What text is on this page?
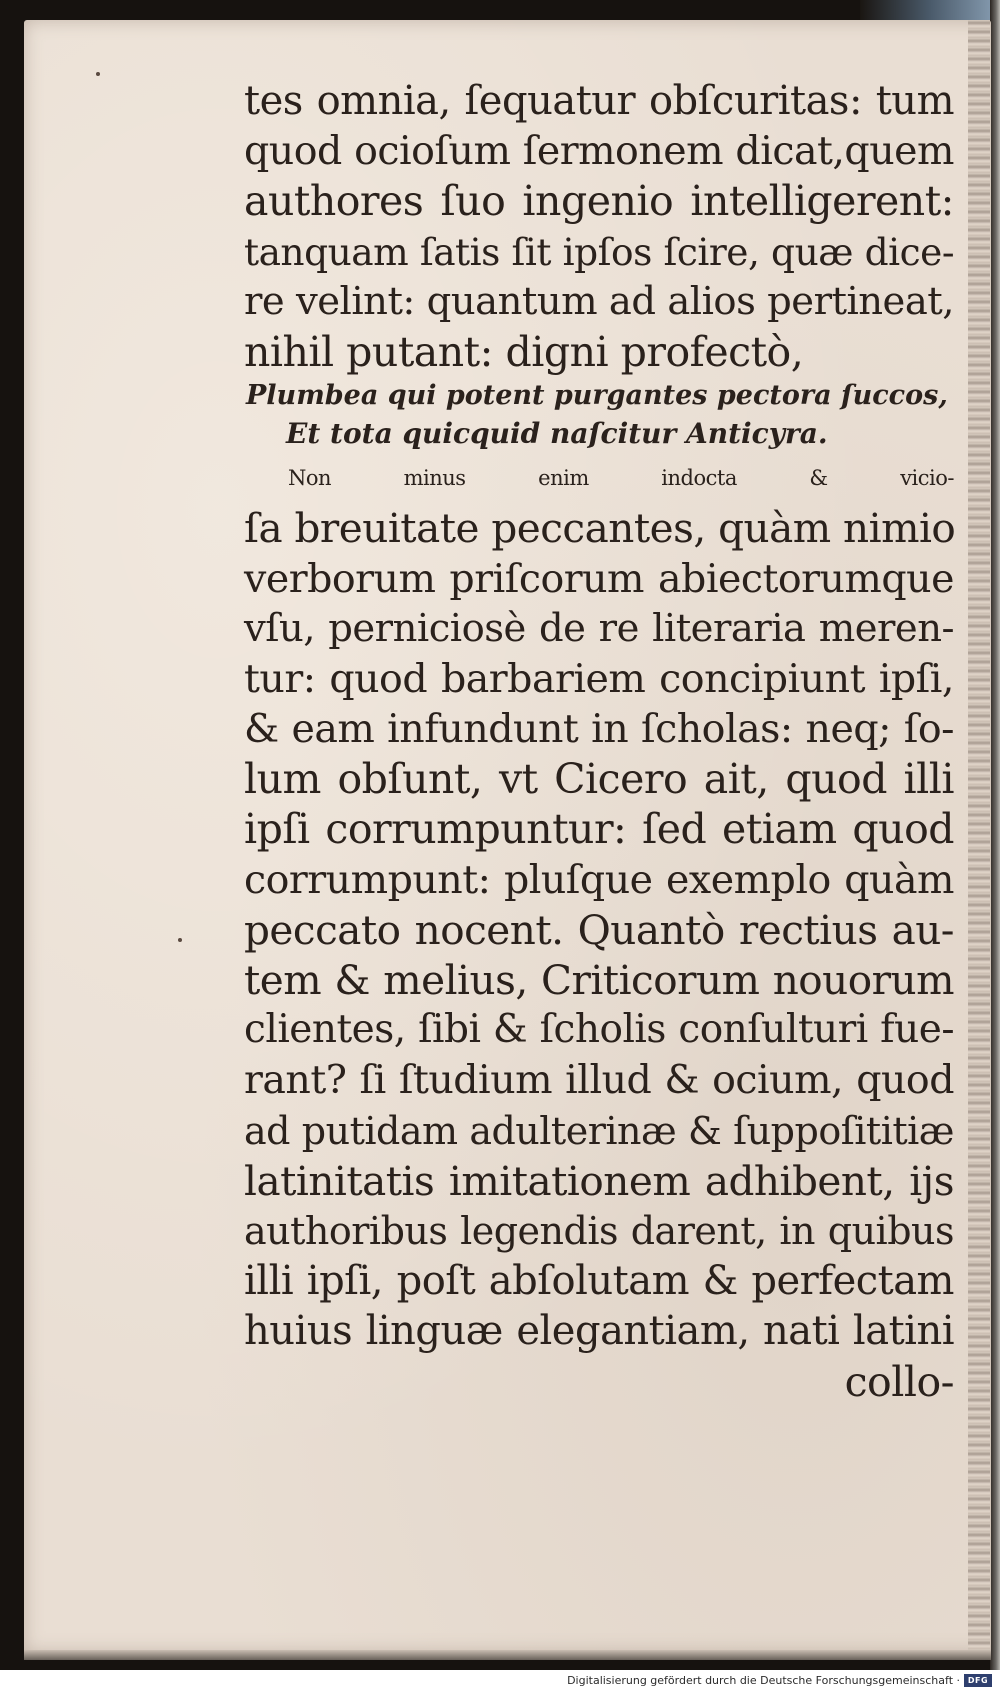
tes omnia, ſequatur obſcuritas: tum
quod ocioſum ſermonem dicat,quem
authores ſuo ingenio intelligerent:
tanquam ſatis ſit ipſos ſcire, quæ dice-
re velint: quantum ad alios pertineat,
nihil putant: digni profectò,
Plumbea qui potent purgantes pectora ſuccos,
Et tota quicquid naſcitur Anticyra.
Non minus enim indocta & vicio-
ſa breuitate peccantes, quàm nimio
verborum priſcorum abiectorumque
vſu, perniciosè de re literaria meren-
tur: quod barbariem concipiunt ipſi,
& eam infundunt in ſcholas: neq; ſo-
lum obſunt, vt Cicero ait, quod illi
ipſi corrumpuntur: ſed etiam quod
corrumpunt: pluſque exemplo quàm
peccato nocent. Quantò rectius au-
tem & melius, Criticorum nouorum
clientes, ſibi & ſcholis conſulturi fue-
rant? ſi ſtudium illud & ocium, quod
ad putidam adulterinæ & ſuppoſititiæ
latinitatis imitationem adhibent, ijs
authoribus legendis darent, in quibus
illi ipſi, poſt abſolutam & perfectam
huius linguæ elegantiam, nati latini
collo-
Digitalisierung gefördert durch die Deutsche Forschungsgemeinschaft · DFG
